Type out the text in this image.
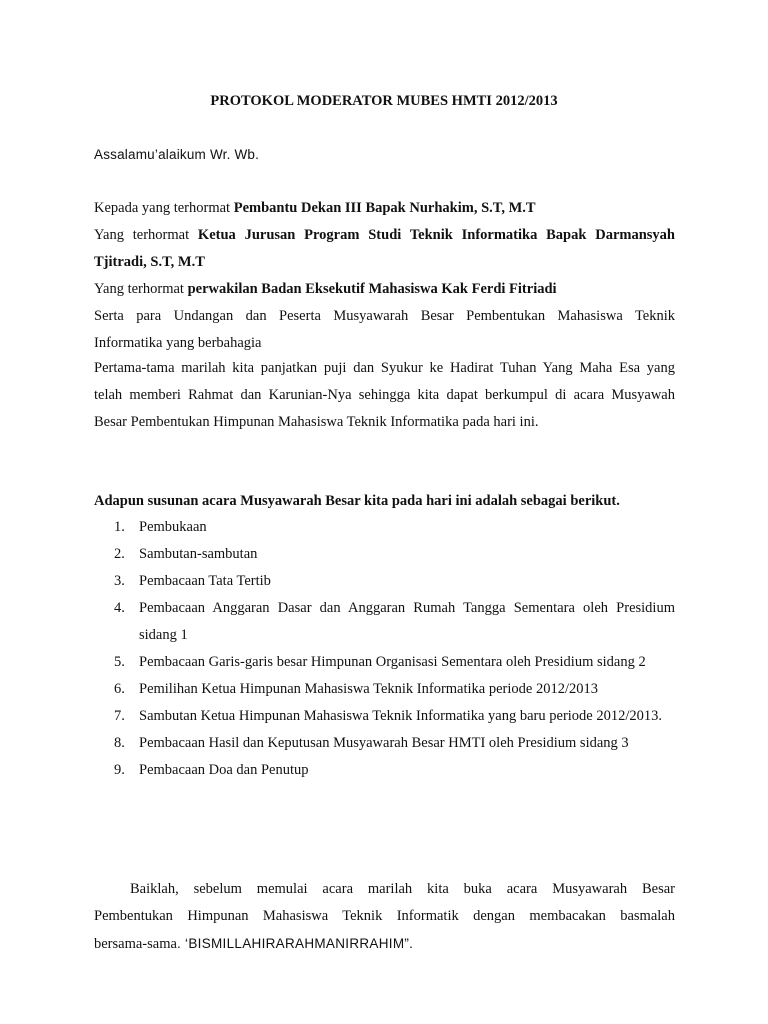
PROTOKOL MODERATOR MUBES HMTI 2012/2013
Assalamu’alaikum Wr. Wb.
Kepada yang terhormat Pembantu Dekan III Bapak Nurhakim, S.T, M.T
Yang terhormat Ketua Jurusan Program Studi Teknik Informatika Bapak Darmansyah
Tjitradi, S.T, M.T
Yang terhormat perwakilan Badan Eksekutif Mahasiswa Kak Ferdi Fitriadi
Serta para Undangan dan Peserta Musyawarah Besar Pembentukan Mahasiswa Teknik
Informatika yang berbahagia
Pertama-tama marilah kita panjatkan puji dan Syukur ke Hadirat Tuhan Yang Maha Esa yang
telah memberi Rahmat dan Karunian-Nya sehingga kita dapat berkumpul di acara Musyawah
Besar Pembentukan Himpunan Mahasiswa Teknik Informatika pada hari ini.
Adapun susunan acara Musyawarah Besar kita pada hari ini adalah sebagai berikut.
1. Pembukaan
2. Sambutan-sambutan
3. Pembacaan Tata Tertib
4. Pembacaan Anggaran Dasar dan Anggaran Rumah Tangga Sementara oleh Presidium sidang 1
5. Pembacaan Garis-garis besar Himpunan Organisasi Sementara oleh Presidium sidang 2
6. Pemilihan Ketua Himpunan Mahasiswa Teknik Informatika periode 2012/2013
7. Sambutan Ketua Himpunan Mahasiswa Teknik Informatika yang baru periode 2012/2013.
8. Pembacaan Hasil dan Keputusan Musyawarah Besar HMTI oleh Presidium sidang 3
9. Pembacaan Doa dan Penutup
Baiklah, sebelum memulai acara marilah kita buka acara Musyawarah Besar
Pembentukan Himpunan Mahasiswa Teknik Informatik dengan membacakan basmalah
bersama-sama. ‘BISMILLAHIRARAHMANIRRAHIM”.
